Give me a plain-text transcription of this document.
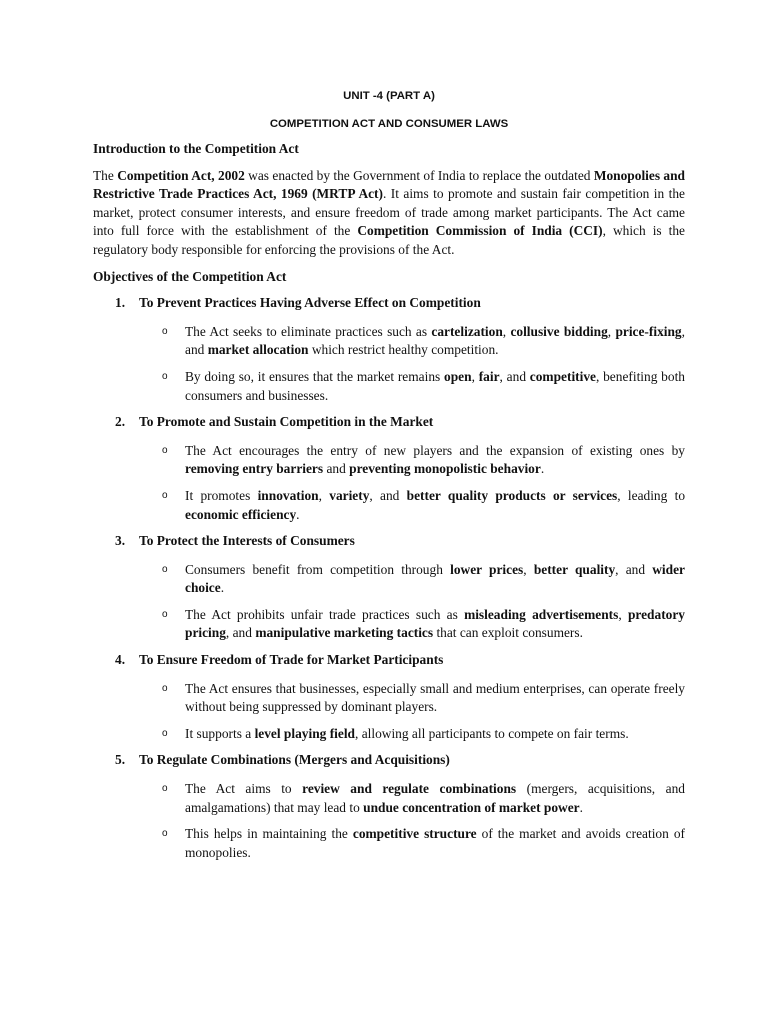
UNIT -4 (PART A)

COMPETITION ACT AND CONSUMER LAWS

Introduction to the Competition Act

The Competition Act, 2002 was enacted by the Government of India to replace the outdated Monopolies and Restrictive Trade Practices Act, 1969 (MRTP Act). It aims to promote and sustain fair competition in the market, protect consumer interests, and ensure freedom of trade among market participants. The Act came into full force with the establishment of the Competition Commission of India (CCI), which is the regulatory body responsible for enforcing the provisions of the Act.

Objectives of the Competition Act
1.	To Prevent Practices Having Adverse Effect on Competition
o	The Act seeks to eliminate practices such as cartelization, collusive bidding, price-fixing, and market allocation which restrict healthy competition.
o	By doing so, it ensures that the market remains open, fair, and competitive, benefiting both consumers and businesses.
2.	To Promote and Sustain Competition in the Market
o	The Act encourages the entry of new players and the expansion of existing ones by removing entry barriers and preventing monopolistic behavior.
o	It promotes innovation, variety, and better quality products or services, leading to economic efficiency.
3.	To Protect the Interests of Consumers
o	Consumers benefit from competition through lower prices, better quality, and wider choice.
o	The Act prohibits unfair trade practices such as misleading advertisements, predatory pricing, and manipulative marketing tactics that can exploit consumers.
4.	To Ensure Freedom of Trade for Market Participants
o	The Act ensures that businesses, especially small and medium enterprises, can operate freely without being suppressed by dominant players.
o	It supports a level playing field, allowing all participants to compete on fair terms.
5.	To Regulate Combinations (Mergers and Acquisitions)
o	The Act aims to review and regulate combinations (mergers, acquisitions, and amalgamations) that may lead to undue concentration of market power.
o	This helps in maintaining the competitive structure of the market and avoids creation of monopolies.
